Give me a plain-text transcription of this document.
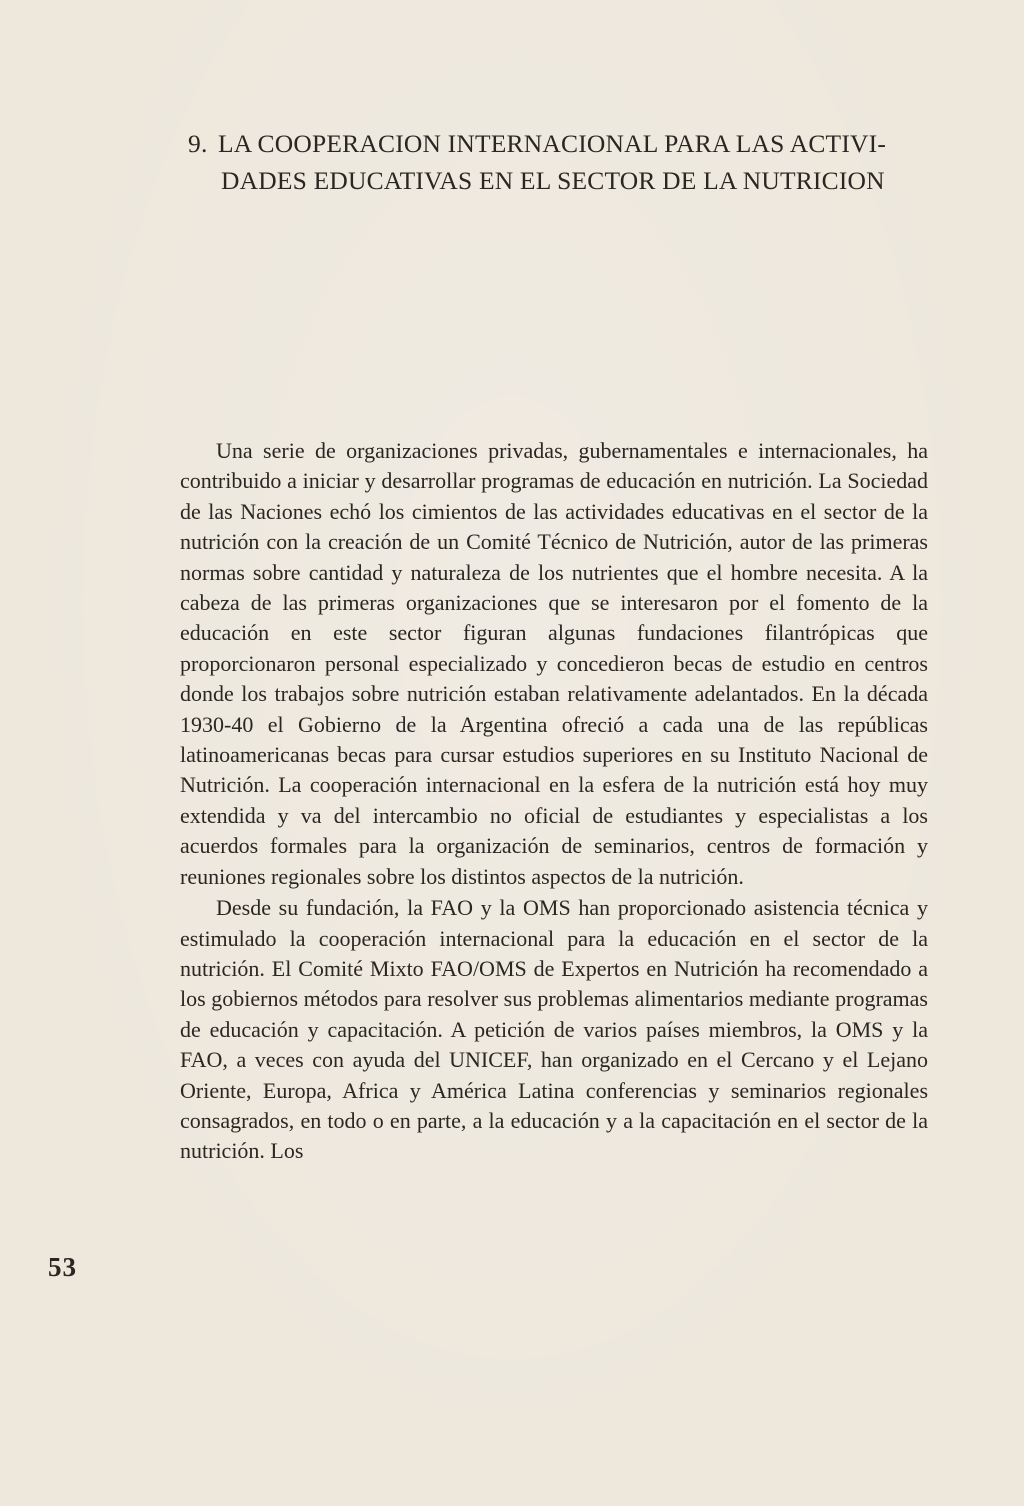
9. LA COOPERACION INTERNACIONAL PARA LAS ACTIVI-
DADES EDUCATIVAS EN EL SECTOR DE LA NUTRICION

Una serie de organizaciones privadas, gubernamentales e internacionales, ha contribuido a iniciar y desarrollar programas de educación en nutrición. La Sociedad de las Naciones echó los cimientos de las actividades educativas en el sector de la nutrición con la creación de un Comité Técnico de Nutrición, autor de las primeras normas sobre cantidad y naturaleza de los nutrientes que el hombre necesita. A la cabeza de las primeras organizaciones que se interesaron por el fomento de la educación en este sector figuran algunas fundaciones filantrópicas que proporcionaron personal especializado y concedieron becas de estudio en centros donde los trabajos sobre nutrición estaban relativamente adelantados. En la década 1930-40 el Gobierno de la Argentina ofreció a cada una de las repúblicas latinoamericanas becas para cursar estudios superiores en su Instituto Nacional de Nutrición. La cooperación internacional en la esfera de la nutrición está hoy muy extendida y va del intercambio no oficial de estudiantes y especialistas a los acuerdos formales para la organización de seminarios, centros de formación y reuniones regionales sobre los distintos aspectos de la nutrición.

Desde su fundación, la FAO y la OMS han proporcionado asistencia técnica y estimulado la cooperación internacional para la educación en el sector de la nutrición. El Comité Mixto FAO/OMS de Expertos en Nutrición ha recomendado a los gobiernos métodos para resolver sus problemas alimentarios mediante programas de educación y capacitación. A petición de varios países miembros, la OMS y la FAO, a veces con ayuda del UNICEF, han organizado en el Cercano y el Lejano Oriente, Europa, Africa y América Latina conferencias y seminarios regionales consagrados, en todo o en parte, a la educación y a la capacitación en el sector de la nutrición. Los

53
